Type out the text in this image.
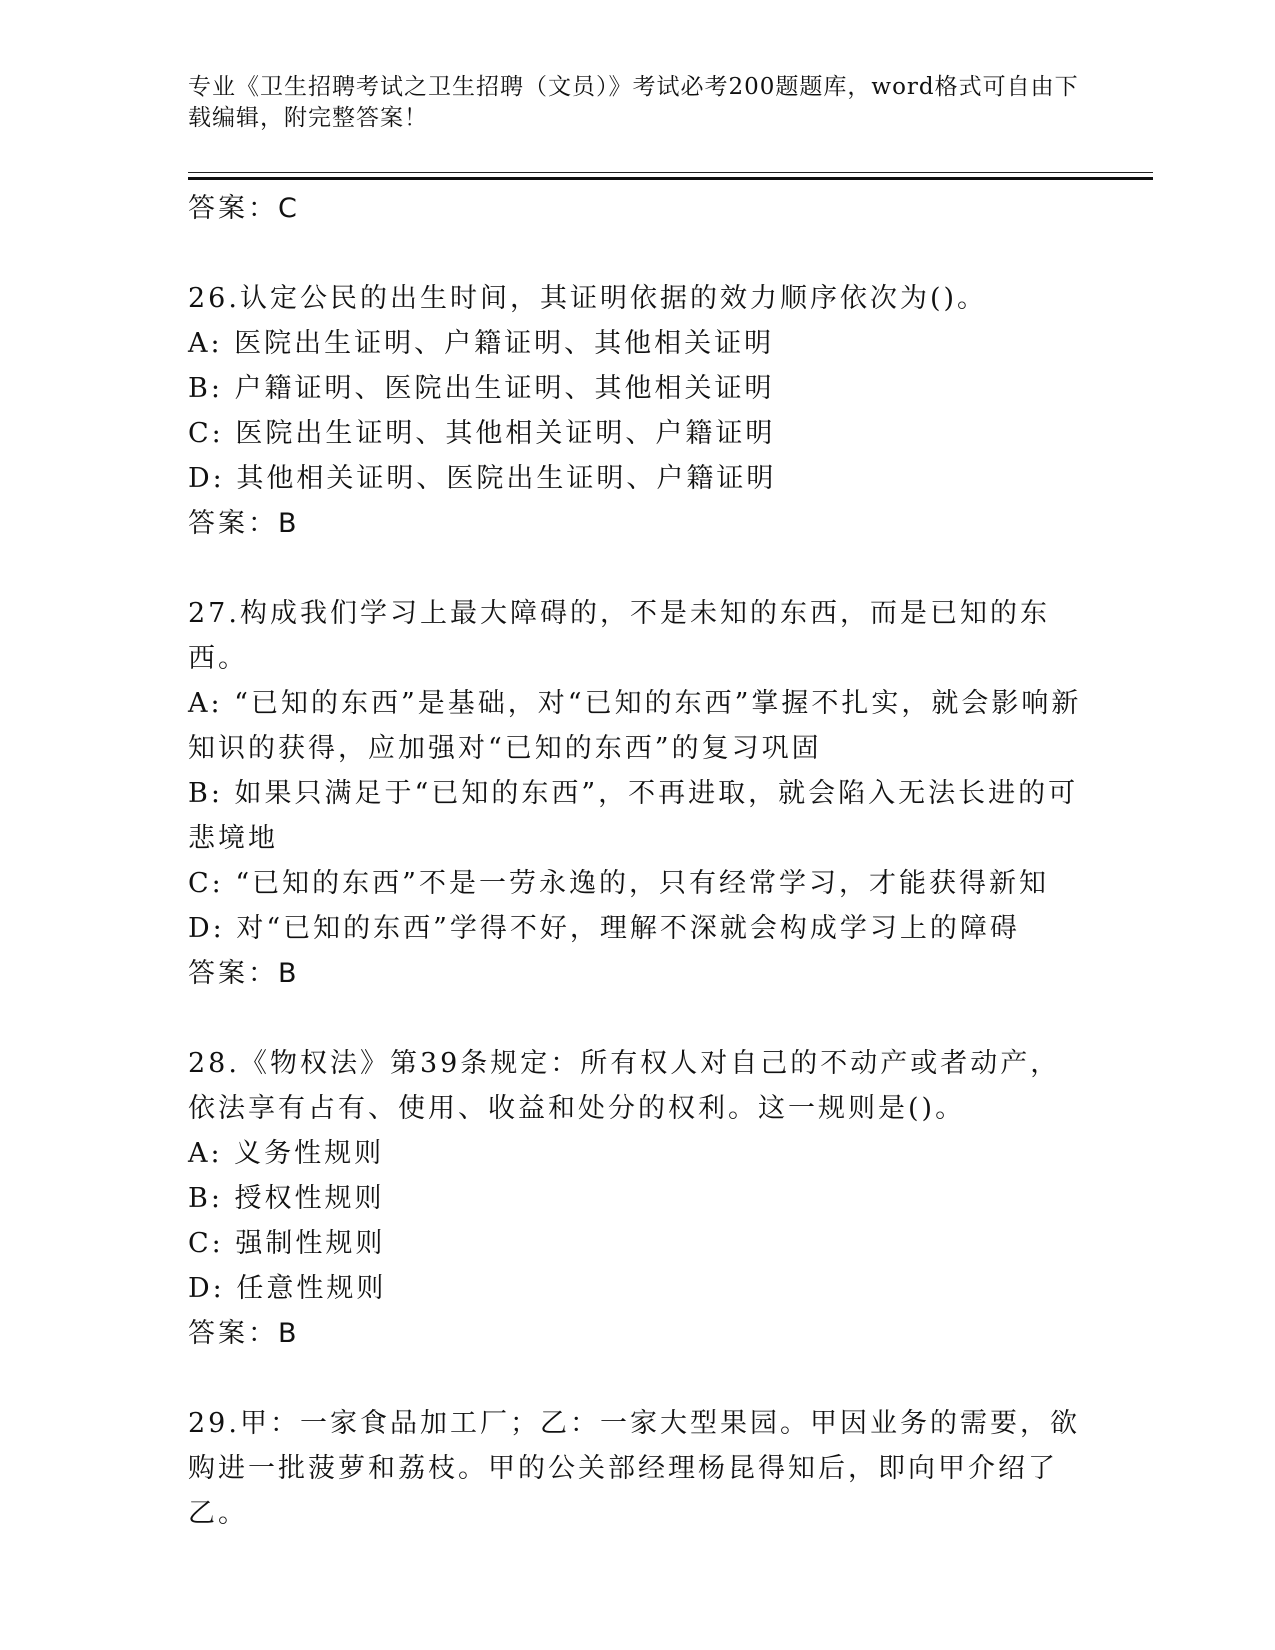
专业《卫生招聘考试之卫生招聘（文员）》考试必考200题题库，word格式可自由下载编辑，附完整答案！
答案：C
26.认定公民的出生时间，其证明依据的效力顺序依次为()。
A: 医院出生证明、户籍证明、其他相关证明
B: 户籍证明、医院出生证明、其他相关证明
C: 医院出生证明、其他相关证明、户籍证明
D: 其他相关证明、医院出生证明、户籍证明
答案：B
27.构成我们学习上最大障碍的，不是未知的东西，而是已知的东西。
A: “已知的东西”是基础，对“已知的东西”掌握不扎实，就会影响新知识的获得，应加强对“已知的东西”的复习巩固
B: 如果只满足于“已知的东西”，不再进取，就会陷入无法长进的可悲境地
C: “已知的东西”不是一劳永逸的，只有经常学习，才能获得新知
D: 对“已知的东西”学得不好，理解不深就会构成学习上的障碍
答案：B
28.《物权法》第39条规定：所有权人对自己的不动产或者动产，依法享有占有、使用、收益和处分的权利。这一规则是()。
A: 义务性规则
B: 授权性规则
C: 强制性规则
D: 任意性规则
答案：B
29.甲：一家食品加工厂；乙：一家大型果园。甲因业务的需要，欲购进一批菠萝和荔枝。甲的公关部经理杨昆得知后，即向甲介绍了乙。
